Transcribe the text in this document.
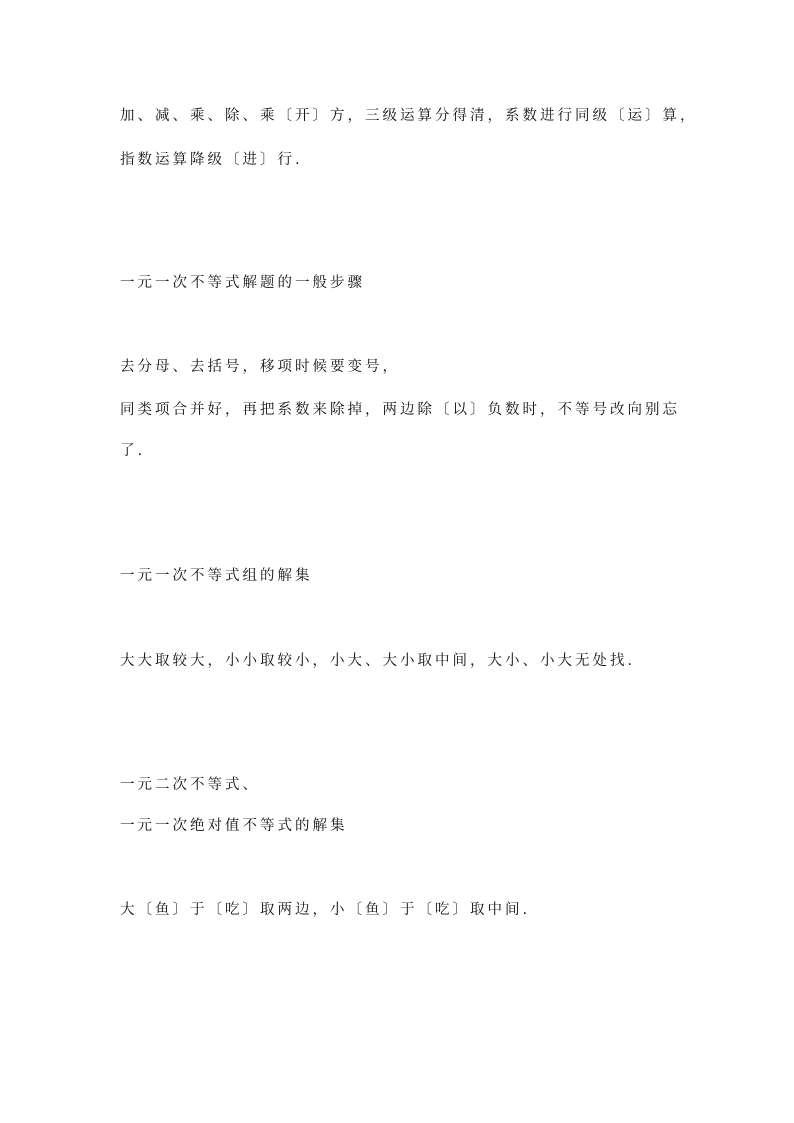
加、减、乘、除、乘〔开〕方，三级运算分得清，系数进行同级〔运〕算，
指数运算降级〔进〕行.
一元一次不等式解题的一般步骤
去分母、去括号，移项时候要变号，
同类项合并好，再把系数来除掉，两边除〔以〕负数时，不等号改向别忘
了.
一元一次不等式组的解集
大大取较大，小小取较小，小大、大小取中间，大小、小大无处找.
一元二次不等式、
一元一次绝对值不等式的解集
大〔鱼〕于〔吃〕取两边，小〔鱼〕于〔吃〕取中间.
